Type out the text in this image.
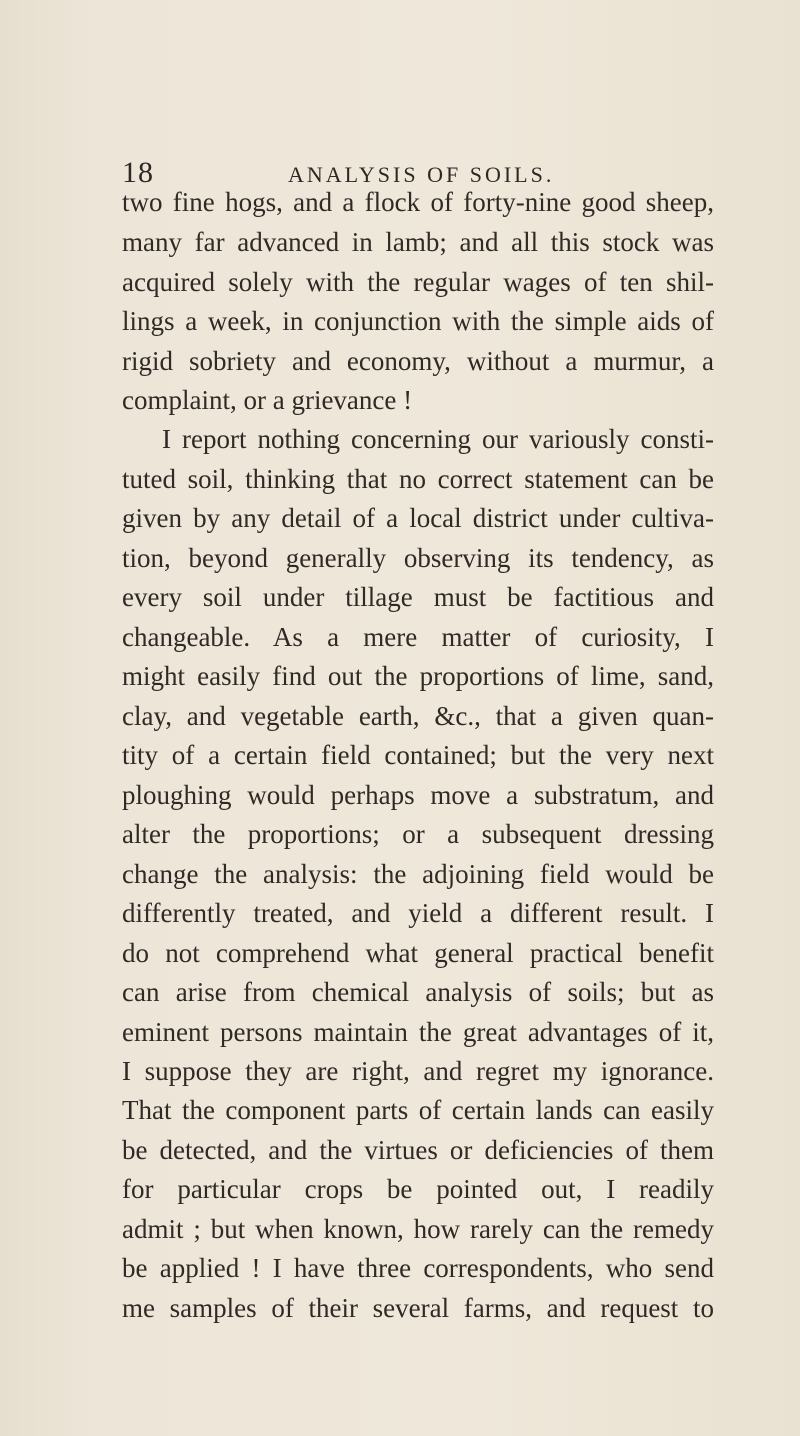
18	ANALYSIS OF SOILS.
two fine hogs, and a flock of forty-nine good sheep,
many far advanced in lamb; and all this stock was
acquired solely with the regular wages of ten shil-
lings a week, in conjunction with the simple aids of
rigid sobriety and economy, without a murmur, a
complaint, or a grievance !
I report nothing concerning our variously consti-
tuted soil, thinking that no correct statement can be
given by any detail of a local district under cultiva-
tion, beyond generally observing its tendency, as
every soil under tillage must be factitious and
changeable. As a mere matter of curiosity, I
might easily find out the proportions of lime, sand,
clay, and vegetable earth, &c., that a given quan-
tity of a certain field contained; but the very next
ploughing would perhaps move a substratum, and
alter the proportions; or a subsequent dressing
change the analysis: the adjoining field would be
differently treated, and yield a different result. I
do not comprehend what general practical benefit
can arise from chemical analysis of soils; but as
eminent persons maintain the great advantages of it,
I suppose they are right, and regret my ignorance.
That the component parts of certain lands can easily
be detected, and the virtues or deficiencies of them
for particular crops be pointed out, I readily
admit ; but when known, how rarely can the remedy
be applied ! I have three correspondents, who send
me samples of their several farms, and request to
